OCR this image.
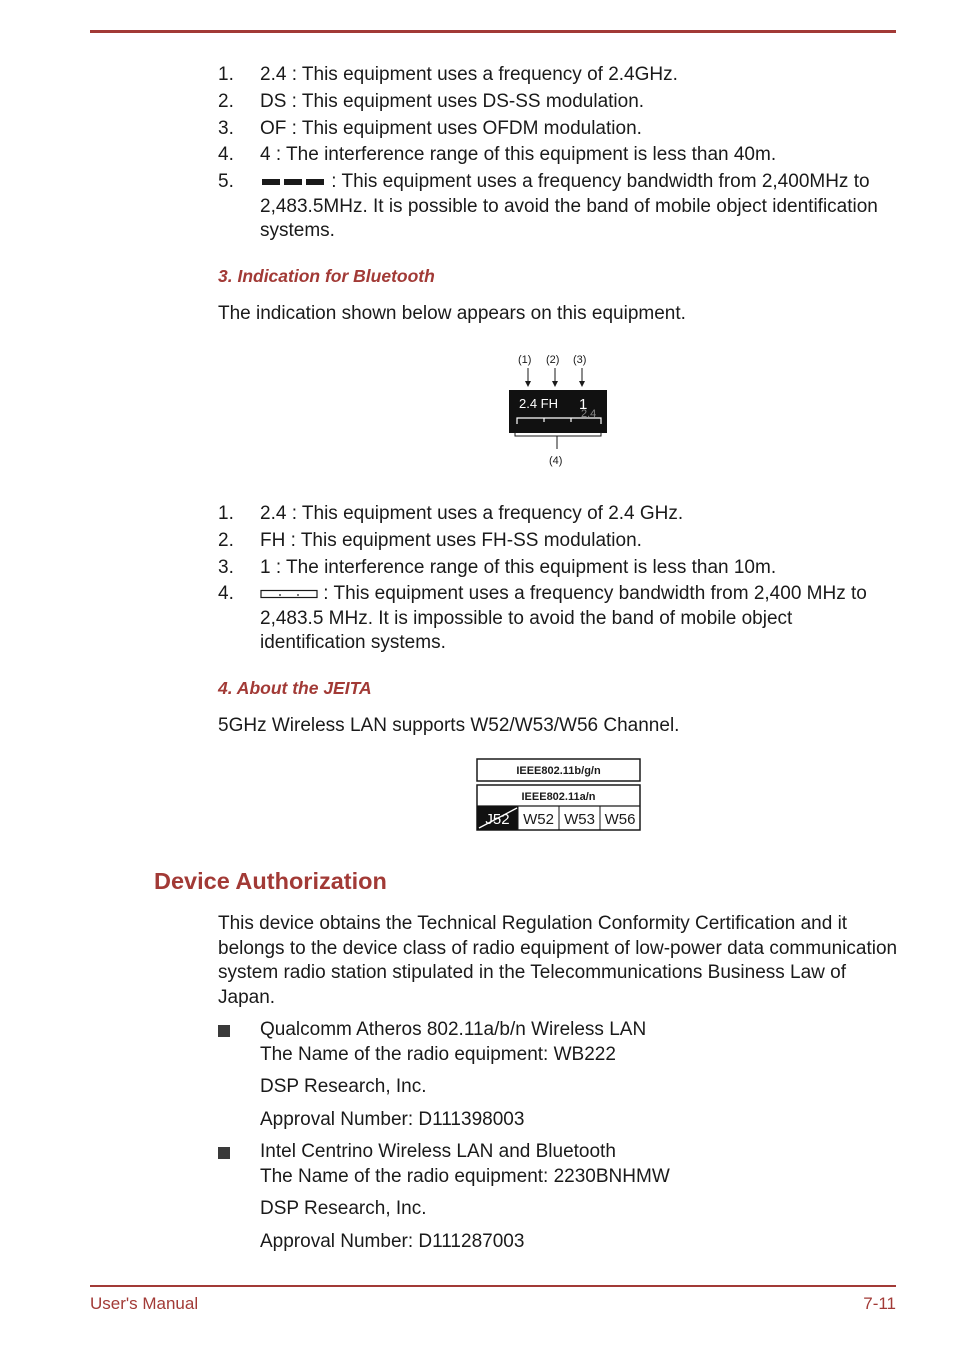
1. 2.4 : This equipment uses a frequency of 2.4GHz.
2. DS : This equipment uses DS-SS modulation.
3. OF : This equipment uses OFDM modulation.
4. 4 : The interference range of this equipment is less than 40m.
5.	: This equipment uses a frequency bandwidth from 2,400MHz to 2,483.5MHz. It is possible to avoid the band of mobile object identification systems.
3. Indication for Bluetooth
The indication shown below appears on this equipment.
(1) (2) (3)
2.4 FH 1
2.4
(4)
1. 2.4 : This equipment uses a frequency of 2.4 GHz.
2. FH : This equipment uses FH-SS modulation.
3. 1 : The interference range of this equipment is less than 10m.
4.	: This equipment uses a frequency bandwidth from 2,400 MHz to 2,483.5 MHz. It is impossible to avoid the band of mobile object identification systems.
4. About the JEITA
5GHz Wireless LAN supports W52/W53/W56 Channel.
IEEE802.11b/g/n
IEEE802.11a/n
J52 W52 W53 W56
Device Authorization
This device obtains the Technical Regulation Conformity Certification and it belongs to the device class of radio equipment of low-power data communication system radio station stipulated in the Telecommunications Business Law of Japan.
Qualcomm Atheros 802.11a/b/n Wireless LAN
The Name of the radio equipment: WB222
DSP Research, Inc.
Approval Number: D111398003
Intel Centrino Wireless LAN and Bluetooth
The Name of the radio equipment: 2230BNHMW
DSP Research, Inc.
Approval Number: D111287003
User's Manual	7-11
